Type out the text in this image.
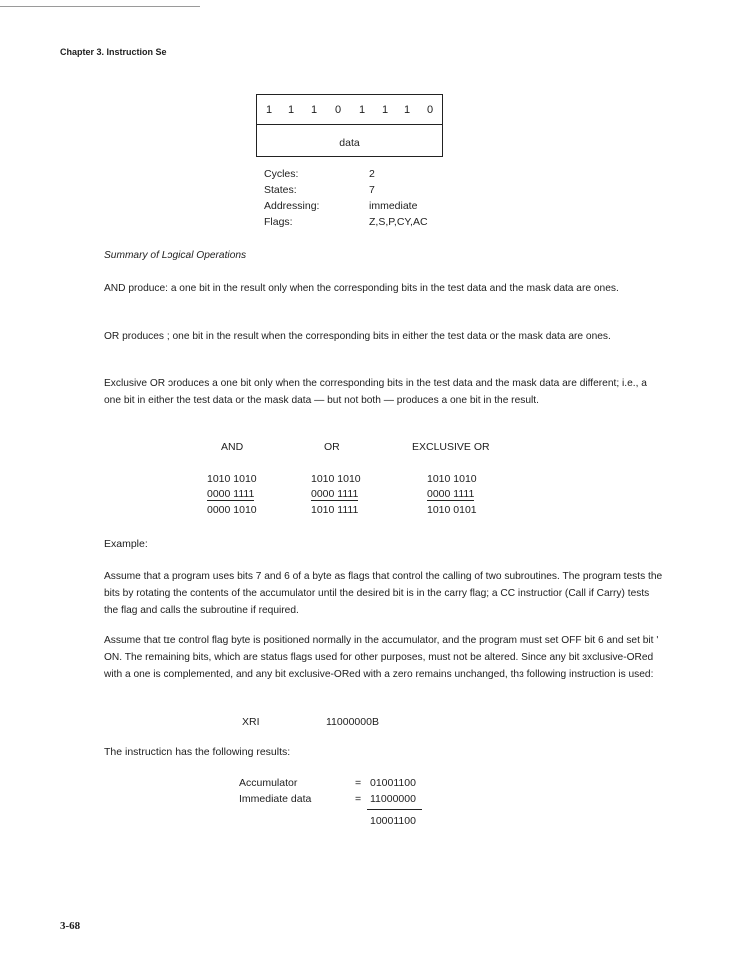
Chapter 3. Instruction Se
1 1 1 0 1 1 1 0
data
Cycles:	2
States:	7
Addressing:	immediate
Flags:	Z,S,P,CY,AC
Summary of Lɔgical Operations
AND produce: a one bit in the result only when the corresponding bits in the test data and the mask data are ones.
OR produces ; one bit in the result when the corresponding bits in either the test data or the mask data are ones.
Exclusive OR ɔroduces a one bit only when the corresponding bits in the test data and the mask data are different; i.e., a one bit in either the test data or the mask data — but not both — produces a one bit in the result.
AND	OR	EXCLUSIVE OR
1010 1010	1010 1010	1010 1010
0000 1111	0000 1111	0000 1111
0000 1010	1010 1111	1010 0101
Example:
Assume that a program uses bits 7 and 6 of a byte as flags that control the calling of two subroutines. The program tests the bits by rotating the contents of the accumulator until the desired bit is in the carry flag; a CC instructior (Call if Carry) tests the flag and calls the subroutine if required.
Assume that tɪe control flag byte is positioned normally in the accumulator, and the program must set OFF bit 6 and set bit ' ON. The remaining bits, which are status flags used for other purposes, must not be altered. Since any bit ɜxclusive-ORed with a one is complemented, and any bit exclusive-ORed with a zero remains unchanged, thɜ following instruction is used:
XRI	11000000B
The instructicn has the following results:
Accumulator	= 01001100
Immediate data	= 11000000
10001100
3-68
